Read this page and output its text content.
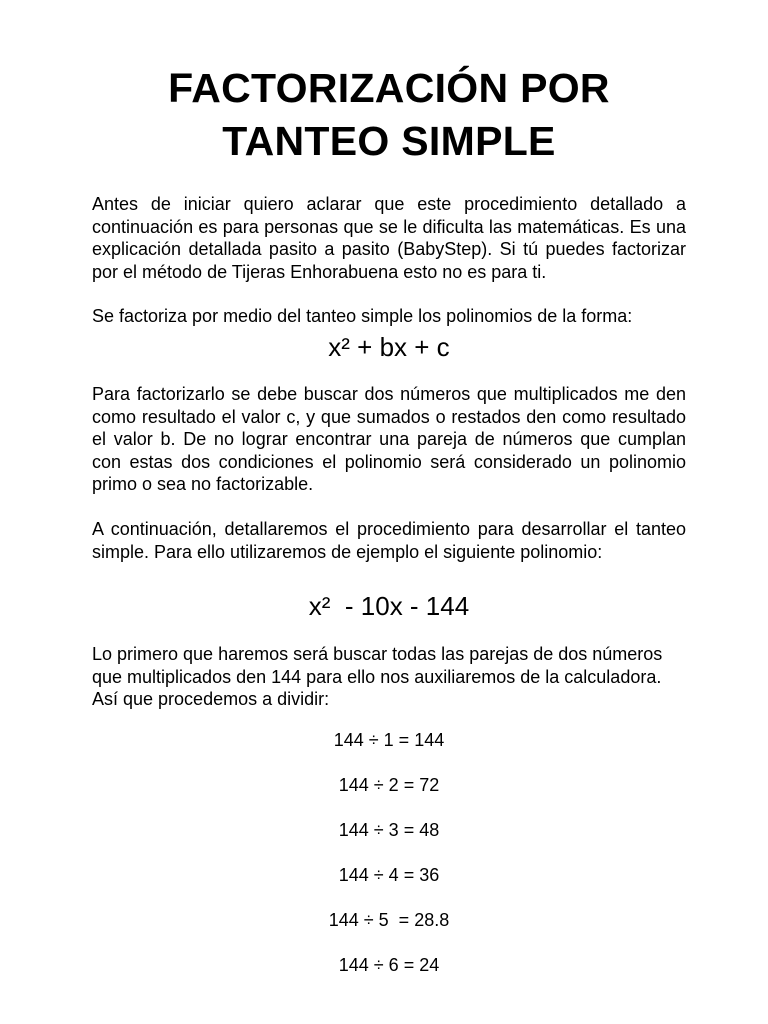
FACTORIZACIÓN POR
TANTEO SIMPLE

Antes de iniciar quiero aclarar que este procedimiento detallado a continuación es para personas que se le dificulta las matemáticas. Es una explicación detallada pasito a pasito (BabyStep). Si tú puedes factorizar por el método de Tijeras Enhorabuena esto no es para ti.

Se factoriza por medio del tanteo simple los polinomios de la forma:

x² + bx + c

Para factorizarlo se debe buscar dos números que multiplicados me den como resultado el valor c, y que sumados o restados den como resultado el valor b. De no lograr encontrar una pareja de números que cumplan con estas dos condiciones el polinomio será considerado un polinomio primo o sea no factorizable.

A continuación, detallaremos el procedimiento para desarrollar el tanteo simple. Para ello utilizaremos de ejemplo el siguiente polinomio:

x²  - 10x - 144

Lo primero que haremos será buscar todas las parejas de dos números
que multiplicados den 144 para ello nos auxiliaremos de la calculadora.
Así que procedemos a dividir:

144 ÷ 1 = 144
144 ÷ 2 = 72
144 ÷ 3 = 48
144 ÷ 4 = 36
144 ÷ 5  = 28.8
144 ÷ 6 = 24
